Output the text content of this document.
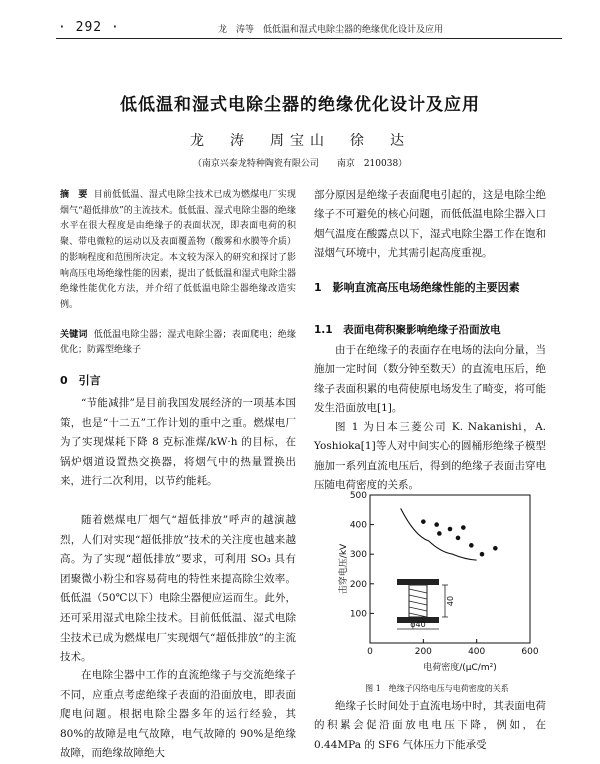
· 292 ·	龙　涛等　低低温和湿式电除尘器的绝缘优化设计及应用
低低温和湿式电除尘器的绝缘优化设计及应用
龙　涛　周宝山　徐　达
（南京兴泰龙特种陶瓷有限公司　　南京　210038）
摘　要 目前低低温、湿式电除尘技术已成为燃煤电厂实现烟气“超低排放”的主流技术。低低温、湿式电除尘器的绝缘水平在很大程度是由绝缘子的表面状况，即表面电荷的积聚、带电微粒的运动以及表面覆盖物（酸雾和水膜等介质）的影响程度和范围所决定。本文较为深入的研究和探讨了影响高压电场绝缘性能的因素，提出了低低温和湿式电除尘器绝缘性能优化方法，并介绍了低低温电除尘器绝缘改造实例。
关键词 低低温电除尘器；湿式电除尘器；表面爬电；绝缘优化；防露型绝缘子
0　引言

“节能减排”是目前我国发展经济的一项基本国策，也是“十二五”工作计划的重中之重。燃煤电厂为了实现煤耗下降 8 克标准煤/kW·h 的目标，在锅炉烟道设置热交换器，将烟气中的热量置换出来，进行二次利用，以节约能耗。

随着燃煤电厂烟气“超低排放”呼声的越演越烈，人们对实现“超低排放”技术的关注度也越来越高。为了实现“超低排放”要求，可利用 SO₃ 具有团聚微小粉尘和容易荷电的特性来提高除尘效率。低低温（50℃以下）电除尘器便应运而生。此外，还可采用湿式电除尘技术。目前低低温、湿式电除尘技术已成为燃煤电厂实现烟气“超低排放”的主流技术。

在电除尘器中工作的直流绝缘子与交流绝缘子不同，应重点考虑绝缘子表面的沿面放电，即表面爬电问题。根据电除尘器多年的运行经验，其 80%的故障是电气故障，电气故障的 90%是绝缘故障，而绝缘故障绝大

部分原因是绝缘子表面爬电引起的，这是电除尘绝缘子不可避免的核心问题，而低低温电除尘器入口烟气温度在酸露点以下，湿式电除尘器工作在饱和湿烟气环境中，尤其需引起高度重视。

1　影响直流高压电场绝缘性能的主要因素
1.1　表面电荷积聚影响绝缘子沿面放电

由于在绝缘子的表面存在电场的法向分量，当施加一定时间（数分钟至数天）的直流电压后，绝缘子表面积累的电荷使原电场发生了畸变，将可能发生沿面放电[1]。

图 1 为日本三菱公司 K. Nakanishi，A. Yoshioka[1]等人对中间实心的圆桶形绝缘子模型施加一系列直流电压后，得到的绝缘子表面击穿电压随电荷密度的关系。

0	200	400	600
100
200
300
400
500
电荷密度/(μC/m²)
击穿电压/kV
40
φ40
图 1　绝缘子闪络电压与电荷密度的关系

绝缘子长时间处于直流电场中时，其表面电荷的积累会促沿面放电电压下降，例如，在 0.44MPa 的 SF6 气体压力下能承受
